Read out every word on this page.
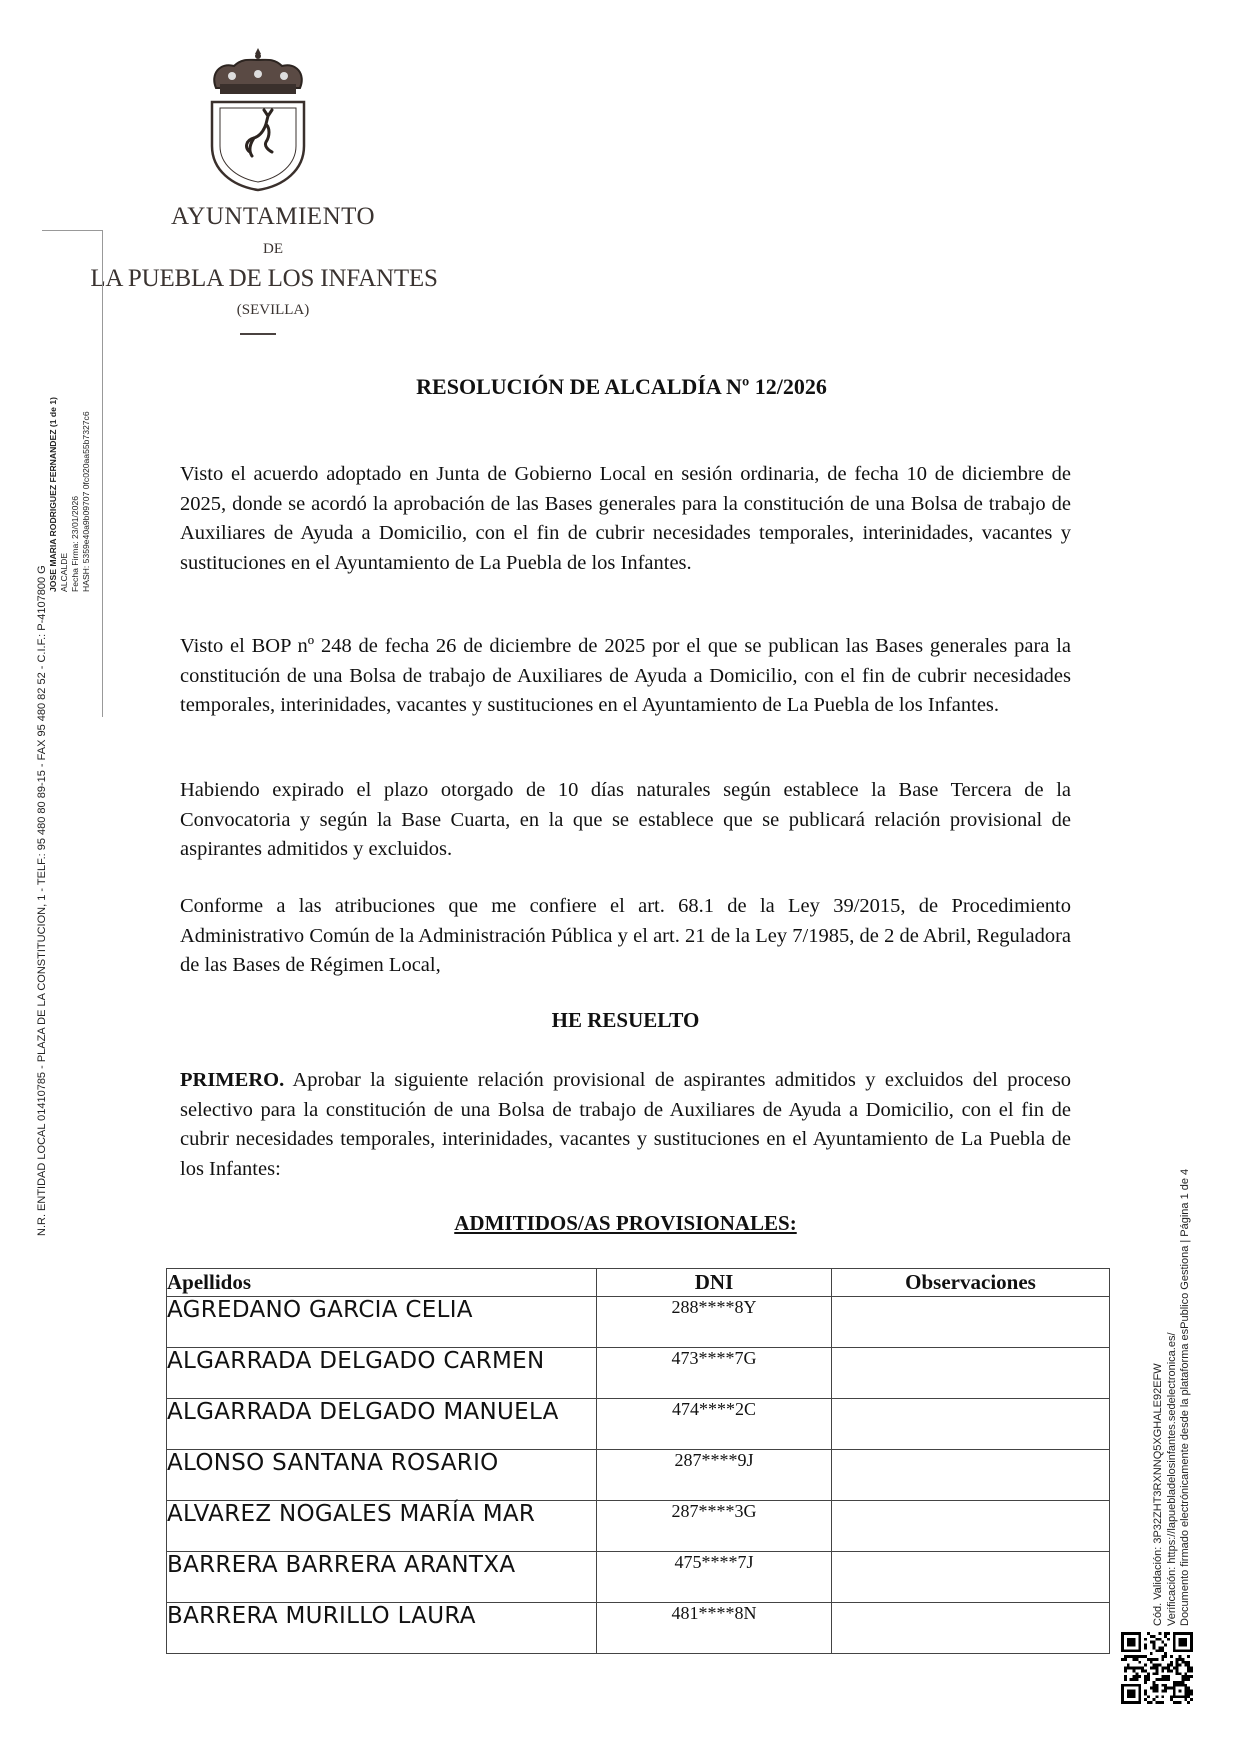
AYUNTAMIENTO
DE
LA PUEBLA DE LOS INFANTES
(SEVILLA)
N.R. ENTIDAD LOCAL 01410785 - PLAZA DE LA CONSTITUCION, 1 - TELF.: 95 480 80 89-15 - FAX 95 480 82 52 - C.I.F.: P-4107800 G
JOSE MARIA RODRIGUEZ FERNANDEZ (1 de 1) ALCALDE Fecha Firma: 23/01/2026 HASH: 5359e40a9b09707 0fc020aa55b7327c6
Cód. Validación: 3P32ZHT3RXNNQ5XGHALE92EFW Verificación: https://lapuebladelosinfantes.sedelectronica.es/ Documento firmado electrónicamente desde la plataforma esPublico Gestiona | Página 1 de 4
RESOLUCIÓN DE ALCALDÍA Nº 12/2026
Visto el acuerdo adoptado en Junta de Gobierno Local en sesión ordinaria, de fecha 10 de diciembre de 2025, donde se acordó la aprobación de las Bases generales para la constitución de una Bolsa de trabajo de Auxiliares de Ayuda a Domicilio, con el fin de cubrir necesidades temporales, interinidades, vacantes y sustituciones en el Ayuntamiento de La Puebla de los Infantes.
Visto el BOP nº 248 de fecha 26 de diciembre de 2025 por el que se publican las Bases generales para la constitución de una Bolsa de trabajo de Auxiliares de Ayuda a Domicilio, con el fin de cubrir necesidades temporales, interinidades, vacantes y sustituciones en el Ayuntamiento de La Puebla de los Infantes.
Habiendo expirado el plazo otorgado de 10 días naturales según establece la Base Tercera de la Convocatoria y según la Base Cuarta, en la que se establece que se publicará relación provisional de aspirantes admitidos y excluidos.
Conforme a las atribuciones que me confiere el art. 68.1 de la Ley 39/2015, de Procedimiento Administrativo Común de la Administración Pública y el art. 21 de la Ley 7/1985, de 2 de Abril, Reguladora de las Bases de Régimen Local,
HE RESUELTO
PRIMERO. Aprobar la siguiente relación provisional de aspirantes admitidos y excluidos del proceso selectivo para la constitución de una Bolsa de trabajo de Auxiliares de Ayuda a Domicilio, con el fin de cubrir necesidades temporales, interinidades, vacantes y sustituciones en el Ayuntamiento de La Puebla de los Infantes:
ADMITIDOS/AS PROVISIONALES:
Apellidos	DNI	Observaciones
AGREDANO GARCIA CELIA	288****8Y	
ALGARRADA DELGADO CARMEN	473****7G	
ALGARRADA DELGADO MANUELA	474****2C	
ALONSO SANTANA ROSARIO	287****9J	
ALVAREZ NOGALES MARÍA MAR	287****3G	
BARRERA BARRERA ARANTXA	475****7J	
BARRERA MURILLO LAURA	481****8N	
